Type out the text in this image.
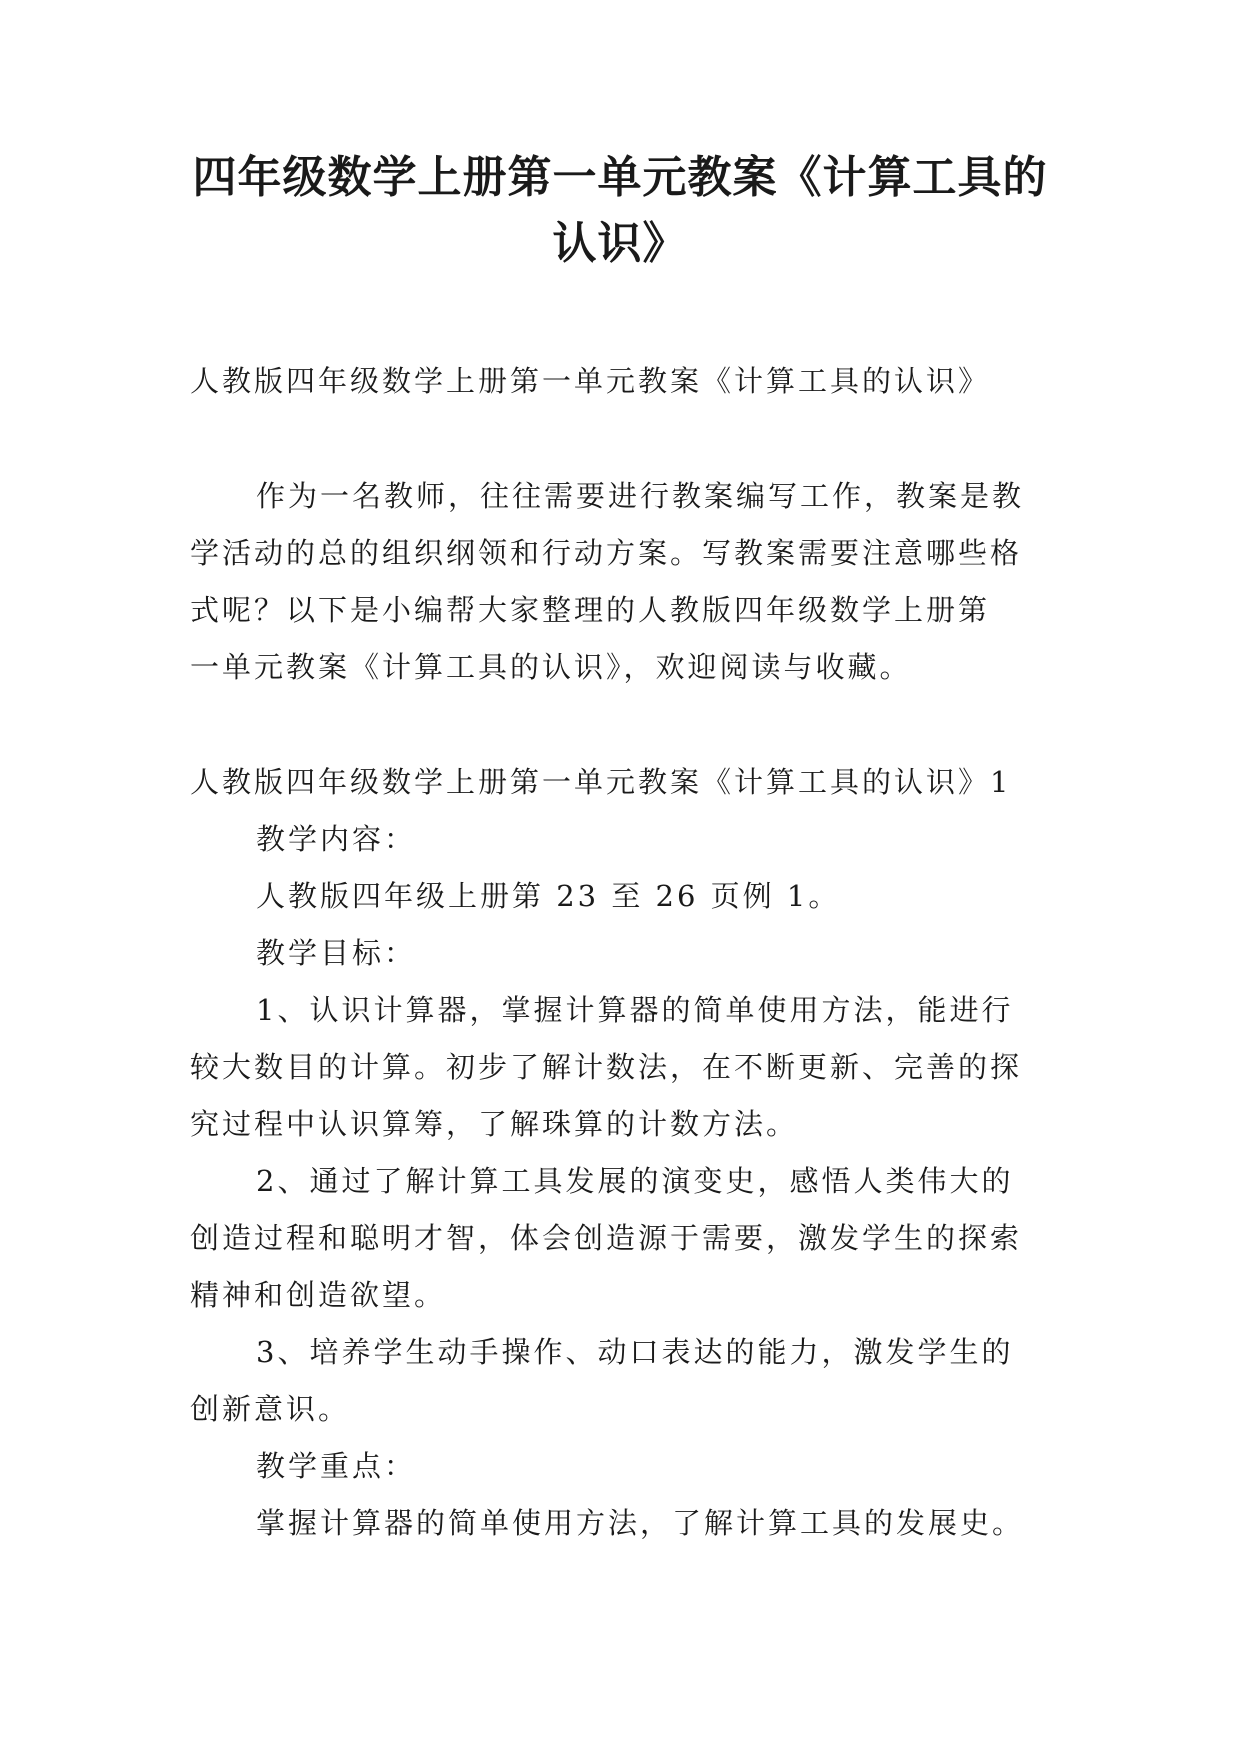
四年级数学上册第一单元教案《计算工具的
认识》

人教版四年级数学上册第一单元教案《计算工具的认识》

作为一名教师，往往需要进行教案编写工作，教案是教

学活动的总的组织纲领和行动方案。写教案需要注意哪些格

式呢？以下是小编帮大家整理的人教版四年级数学上册第

一单元教案《计算工具的认识》，欢迎阅读与收藏。

人教版四年级数学上册第一单元教案《计算工具的认识》1

教学内容：

人教版四年级上册第 23 至 26 页例 1。

教学目标：

1、认识计算器，掌握计算器的简单使用方法，能进行

较大数目的计算。初步了解计数法，在不断更新、完善的探

究过程中认识算筹，了解珠算的计数方法。

2、通过了解计算工具发展的演变史，感悟人类伟大的

创造过程和聪明才智，体会创造源于需要，激发学生的探索

精神和创造欲望。

3、培养学生动手操作、动口表达的能力，激发学生的

创新意识。

教学重点：

掌握计算器的简单使用方法，了解计算工具的发展史。
